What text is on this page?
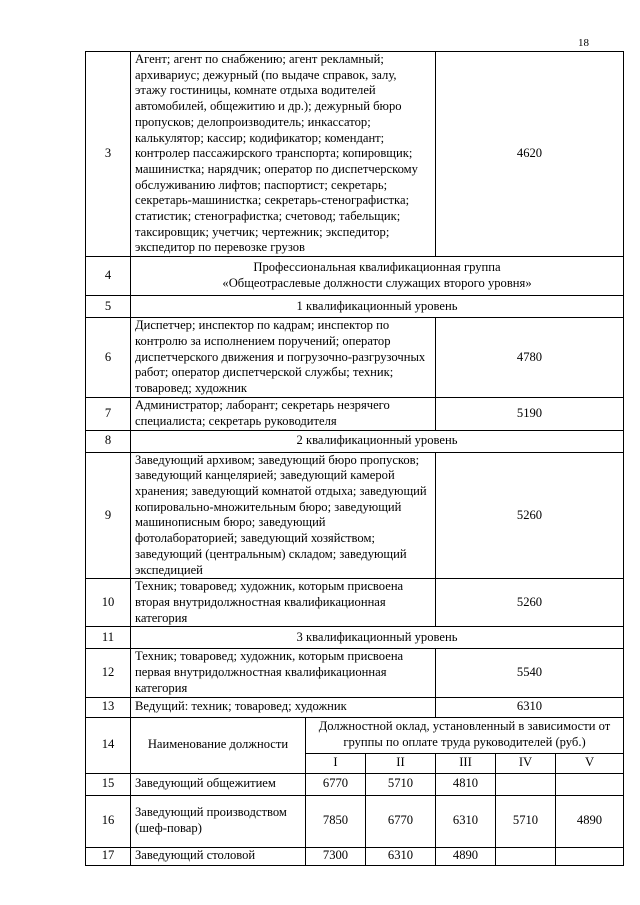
18
3	Агент; агент по снабжению; агент рекламный; архивариус; дежурный (по выдаче справок, залу, этажу гостиницы, комнате отдыха водителей автомобилей, общежитию и др.); дежурный бюро пропусков; делопроизводитель; инкассатор; калькулятор; кассир; кодификатор; комендант; контролер пассажирского транспорта; копировщик; машинистка; нарядчик; оператор по диспетчерскому обслуживанию лифтов; паспортист; секретарь; секретарь-машинистка; секретарь-стенографистка; статистик; стенографистка; счетовод; табельщик; таксировщик; учетчик; чертежник; экспедитор; экспедитор по перевозке грузов			4620		
4	Профессиональная квалификационная группа
«Общеотраслевые должности служащих второго уровня»					

5	1 квалификационный уровень					
6	Диспетчер; инспектор по кадрам; инспектор по контролю за исполнением поручений; оператор диспетчерского движения и погрузочно-разгрузочных работ; оператор диспетчерской службы; техник; товаровед; художник			4780		
7	Администратор; лаборант; секретарь незрячего специалиста; секретарь руководителя			5190		
8	2 квалификационный уровень					
9	Заведующий архивом; заведующий бюро пропусков; заведующий канцелярией; заведующий камерой хранения; заведующий комнатой отдыха; заведующий копировально-множительным бюро; заведующий машинописным бюро; заведующий фотолабораторией; заведующий хозяйством; заведующий (центральным) складом; заведующий экспедицией			5260		
10	Техник; товаровед; художник, которым присвоена вторая внутридолжностная квалификационная категория			5260		
11	3 квалификационный уровень					
12	Техник; товаровед; художник, которым присвоена первая внутридолжностная квалификационная категория			5540		
13	Ведущий: техник; товаровед; художник			6310		
14	Наименование должности	Должностной оклад, установленный в зависимости от группы по оплате труда руководителей (руб.)				
		I	II	III	IV	V
15	Заведующий общежитием	6770	5710	4810		
16	Заведующий производством (шеф-повар)	7850	6770	6310	5710	4890
17	Заведующий столовой	7300	6310	4890		
